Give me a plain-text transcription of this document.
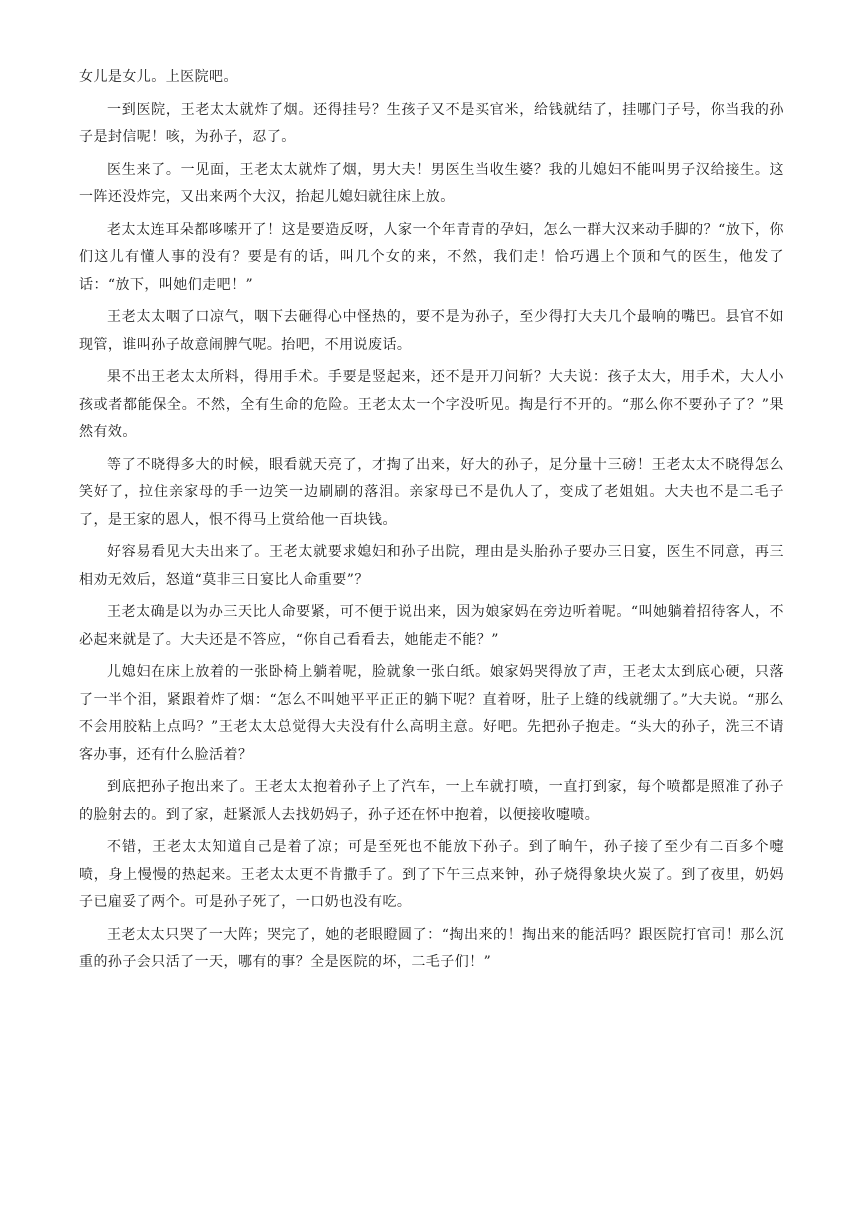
女儿是女儿。上医院吧。

一到医院，王老太太就炸了烟。还得挂号？生孩子又不是买官米，给钱就结了，挂哪门子号，你当我的孙子是封信呢！咳，为孙子，忍了。

医生来了。一见面，王老太太就炸了烟，男大夫！男医生当收生婆？我的儿媳妇不能叫男子汉给接生。这一阵还没炸完，又出来两个大汉，抬起儿媳妇就往床上放。

老太太连耳朵都哆嗦开了！这是要造反呀，人家一个年青青的孕妇，怎么一群大汉来动手脚的？“放下，你们这儿有懂人事的没有？要是有的话，叫几个女的来，不然，我们走！恰巧遇上个顶和气的医生，他发了话：“放下，叫她们走吧！”

王老太太咽了口凉气，咽下去砸得心中怪热的，要不是为孙子，至少得打大夫几个最响的嘴巴。县官不如现管，谁叫孙子故意闹脾气呢。抬吧，不用说废话。

果不出王老太太所料，得用手术。手要是竖起来，还不是开刀问斩？大夫说：孩子太大，用手术，大人小孩或者都能保全。不然，全有生命的危险。王老太太一个字没听见。掏是行不开的。“那么你不要孙子了？”果然有效。

等了不晓得多大的时候，眼看就天亮了，才掏了出来，好大的孙子，足分量十三磅！王老太太不晓得怎么笑好了，拉住亲家母的手一边笑一边刷刷的落泪。亲家母已不是仇人了，变成了老姐姐。大夫也不是二毛子了，是王家的恩人，恨不得马上赏给他一百块钱。

好容易看见大夫出来了。王老太就要求媳妇和孙子出院，理由是头胎孙子要办三日宴，医生不同意，再三相劝无效后，怒道“莫非三日宴比人命重要”？

王老太确是以为办三天比人命要紧，可不便于说出来，因为娘家妈在旁边听着呢。“叫她躺着招待客人，不必起来就是了。大夫还是不答应，“你自己看看去，她能走不能？”

儿媳妇在床上放着的一张卧椅上躺着呢，脸就象一张白纸。娘家妈哭得放了声，王老太太到底心硬，只落了一半个泪，紧跟着炸了烟：“怎么不叫她平平正正的躺下呢？直着呀，肚子上缝的线就绷了。”大夫说。“那么不会用胶粘上点吗？”王老太太总觉得大夫没有什么高明主意。好吧。先把孙子抱走。“头大的孙子，洗三不请客办事，还有什么脸活着？

到底把孙子抱出来了。王老太太抱着孙子上了汽车，一上车就打喷，一直打到家，每个喷都是照准了孙子的脸射去的。到了家，赶紧派人去找奶妈子，孙子还在怀中抱着，以便接收嚏喷。

不错，王老太太知道自己是着了凉；可是至死也不能放下孙子。到了晌午，孙子接了至少有二百多个嚏喷，身上慢慢的热起来。王老太太更不肯撒手了。到了下午三点来钟，孙子烧得象块火炭了。到了夜里，奶妈子已雇妥了两个。可是孙子死了，一口奶也没有吃。

王老太太只哭了一大阵；哭完了，她的老眼瞪圆了：“掏出来的！掏出来的能活吗？跟医院打官司！那么沉重的孙子会只活了一天，哪有的事？全是医院的坏，二毛子们！”
